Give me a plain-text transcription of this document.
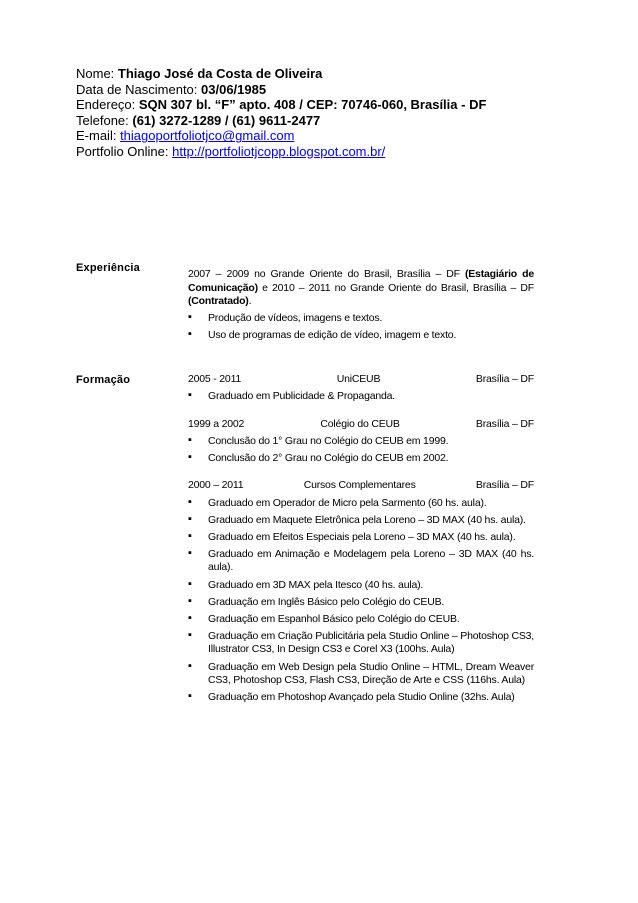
Nome: Thiago José da Costa de Oliveira
Data de Nascimento: 03/06/1985
Endereço: SQN 307 bl. “F” apto. 408 / CEP: 70746-060, Brasília - DF
Telefone: (61) 3272-1289 / (61) 9611-2477
E-mail: thiagoportfoliotjco@gmail.com
Portfolio Online: http://portfoliotjcopp.blogspot.com.br/
Experiência	2007 – 2009 no Grande Oriente do Brasil, Brasília – DF (Estagiário de Comunicação) e 2010 – 2011 no Grande Oriente do Brasil, Brasília – DF (Contratado).
▪ Produção de vídeos, imagens e textos.
▪ Uso de programas de edição de vídeo, imagem e texto.
Formação	2005 - 2011	UniCEUB	Brasília – DF
▪ Graduado em Publicidade & Propaganda.
1999 a 2002	Colégio do CEUB	Brasília – DF
▪ Conclusão do 1° Grau no Colégio do CEUB em 1999.
▪ Conclusão do 2° Grau no Colégio do CEUB em 2002.
2000 – 2011	Cursos Complementares	Brasília – DF
▪ Graduado em Operador de Micro pela Sarmento (60 hs. aula).
▪ Graduado em Maquete Eletrônica pela Loreno – 3D MAX (40 hs. aula).
▪ Graduado em Efeitos Especiais pela Loreno – 3D MAX (40 hs. aula).
▪ Graduado em Animação e Modelagem pela Loreno – 3D MAX (40 hs. aula).
▪ Graduado em 3D MAX pela Itesco (40 hs. aula).
▪ Graduação em Inglês Básico pelo Colégio do CEUB.
▪ Graduação em Espanhol Básico pelo Colégio do CEUB.
▪ Graduação em Criação Publicitária pela Studio Online – Photoshop CS3, Illustrator CS3, In Design CS3 e Corel X3 (100hs. Aula)
▪ Graduação em Web Design pela Studio Online – HTML, Dream Weaver CS3, Photoshop CS3, Flash CS3, Direção de Arte e CSS (116hs. Aula)
▪ Graduação em Photoshop Avançado pela Studio Online (32hs. Aula)
